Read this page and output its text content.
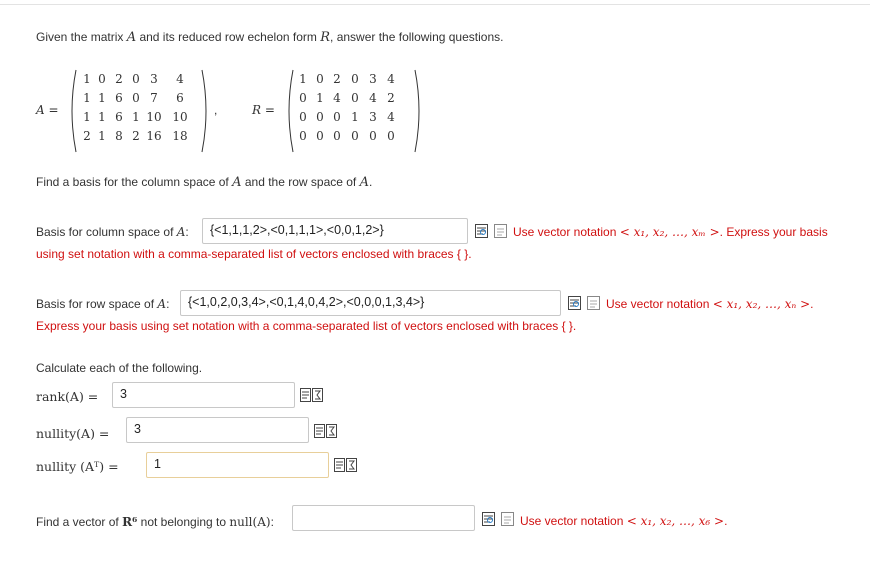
Given the matrix A and its reduced row echelon form R, answer the following questions.
A =
1 0 2 0 3	4
1 1 6 0 7	6
1 1 6 1 10 10
2 1 8 2 16 18
,	R =
1 0 2 0 3 4
0 1 4 0 4 2
0 0 0 1 3 4
0 0 0 0 0 0
Find a basis for the column space of A and the row space of A.
Basis for column space of A:	{<1,1,1,2>,<0,1,1,1>,<0,0,1,2>}	Use vector notation < x₁, x₂, …, xₘ >. Express your basis
using set notation with a comma-separated list of vectors enclosed with braces { }.
Basis for row space of A:	{<1,0,2,0,3,4>,<0,1,4,0,4,2>,<0,0,0,1,3,4>}	Use vector notation < x₁, x₂, …, xₙ >.
Express your basis using set notation with a comma-separated list of vectors enclosed with braces { }.
Calculate each of the following.
rank(A) =	3
nullity(A) =	3
nullity (Aᵀ) =	1
Find a vector of R⁶ not belonging to null(A):	Use vector notation < x₁, x₂, …, x₆ >.
